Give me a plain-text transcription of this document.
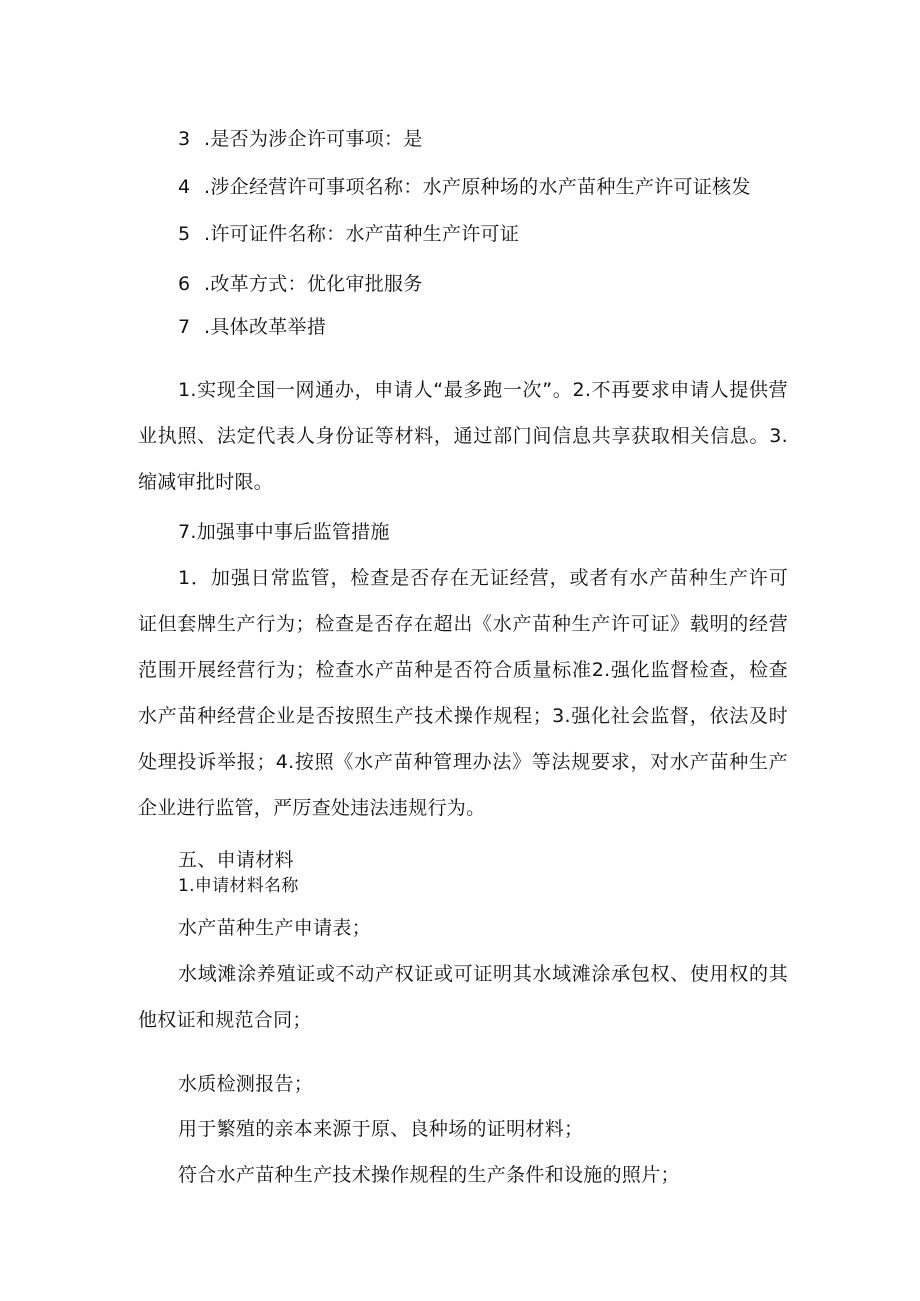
3 .是否为涉企许可事项：是
4 .涉企经营许可事项名称：水产原种场的水产苗种生产许可证核发
5 .许可证件名称：水产苗种生产许可证
6 .改革方式：优化审批服务
7 .具体改革举措
1.实现全国一网通办，申请人“最多跑一次”。2.不再要求申请人提供营业执照、法定代表人身份证等材料，通过部门间信息共享获取相关信息。3.缩减审批时限。
7.加强事中事后监管措施
1．加强日常监管，检查是否存在无证经营，或者有水产苗种生产许可证但套牌生产行为；检查是否存在超出《水产苗种生产许可证》载明的经营范围开展经营行为；检查水产苗种是否符合质量标准2.强化监督检查，检查水产苗种经营企业是否按照生产技术操作规程；3.强化社会监督，依法及时处理投诉举报；4.按照《水产苗种管理办法》等法规要求，对水产苗种生产企业进行监管，严厉查处违法违规行为。
五、申请材料
1.申请材料名称
水产苗种生产申请表；
水域滩涂养殖证或不动产权证或可证明其水域滩涂承包权、使用权的其他权证和规范合同；
水质检测报告；
用于繁殖的亲本来源于原、良种场的证明材料；
符合水产苗种生产技术操作规程的生产条件和设施的照片；
